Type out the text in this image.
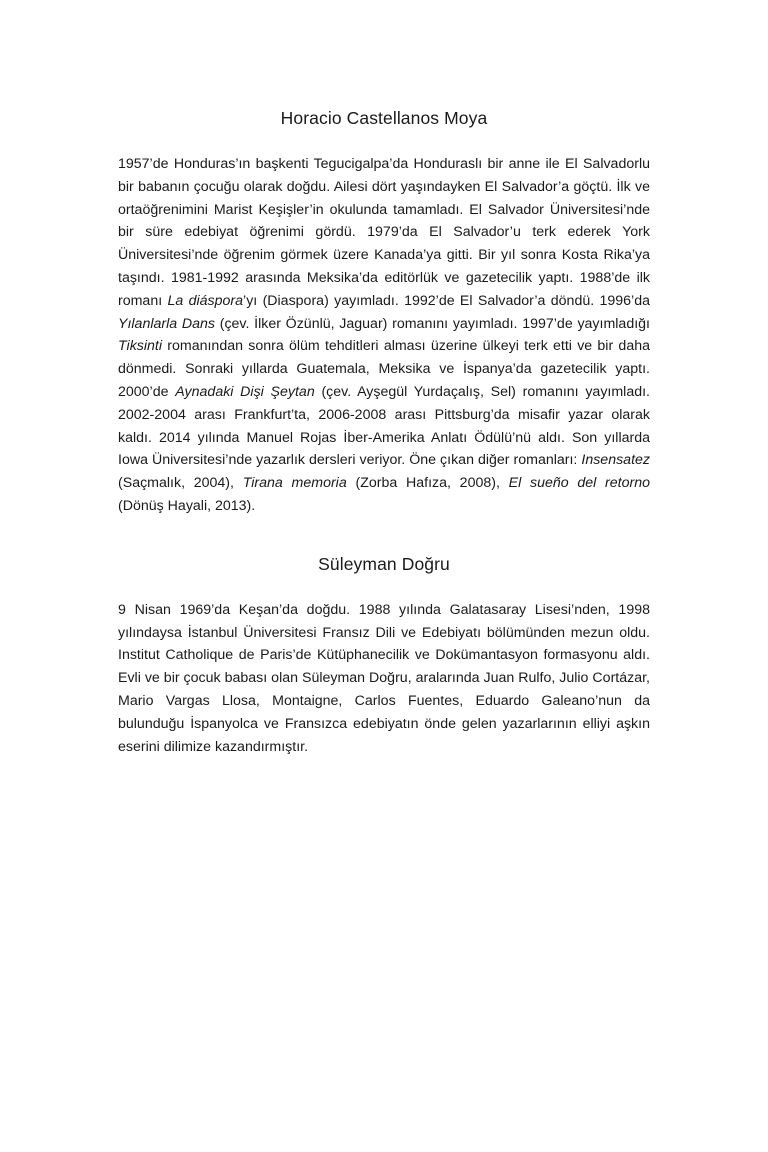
Horacio Castellanos Moya

1957’de Honduras’ın başkenti Tegucigalpa’da Honduraslı bir anne ile El Salvadorlu bir babanın çocuğu olarak doğdu. Ailesi dört yaşındayken El Salvador’a göçtü. İlk ve ortaöğrenimini Marist Keşişler’in okulunda tamamladı. El Salvador Üniversitesi’nde bir süre edebiyat öğrenimi gördü. 1979’da El Salvador’u terk ederek York Üniversitesi’nde öğrenim görmek üzere Kanada’ya gitti. Bir yıl sonra Kosta Rika’ya taşındı. 1981-1992 arasında Meksika’da editörlük ve gazetecilik yaptı. 1988’de ilk romanı La diáspora’yı (Diaspora) yayımladı. 1992’de El Salvador’a döndü. 1996’da Yılanlarla Dans (çev. İlker Özünlü, Jaguar) romanını yayımladı. 1997’de yayımladığı Tiksinti romanından sonra ölüm tehditleri alması üzerine ülkeyi terk etti ve bir daha dönmedi. Sonraki yıllarda Guatemala, Meksika ve İspanya’da gazetecilik yaptı. 2000’de Aynadaki Dişi Şeytan (çev. Ayşegül Yurdaçalış, Sel) romanını yayımladı. 2002-2004 arası Frankfurt’ta, 2006-2008 arası Pittsburg’da misafir yazar olarak kaldı. 2014 yılında Manuel Rojas İber-Amerika Anlatı Ödülü’nü aldı. Son yıllarda Iowa Üniversitesi’nde yazarlık dersleri veriyor. Öne çıkan diğer romanları: Insensatez (Saçmalık, 2004), Tirana memoria (Zorba Hafıza, 2008), El sueño del retorno (Dönüş Hayali, 2013).

Süleyman Doğru

9 Nisan 1969’da Keşan’da doğdu. 1988 yılında Galatasaray Lisesi’nden, 1998 yılındaysa İstanbul Üniversitesi Fransız Dili ve Edebiyatı bölümünden mezun oldu. Institut Catholique de Paris’de Kütüphanecilik ve Dokümantasyon formasyonu aldı. Evli ve bir çocuk babası olan Süleyman Doğru, aralarında Juan Rulfo, Julio Cortázar, Mario Vargas Llosa, Montaigne, Carlos Fuentes, Eduardo Galeano’nun da bulunduğu İspanyolca ve Fransızca edebiyatın önde gelen yazarlarının elliyi aşkın eserini dilimize kazandırmıştır.
